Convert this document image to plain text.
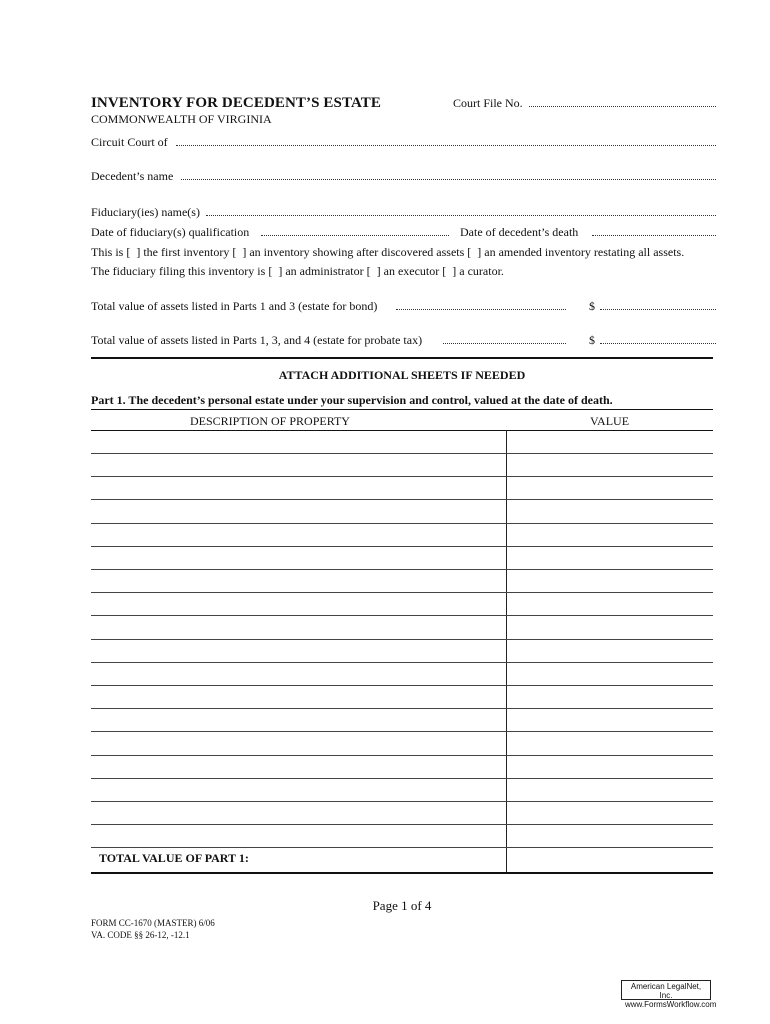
INVENTORY FOR DECEDENT’S ESTATE
COMMONWEALTH OF VIRGINIA
Court File No.
Circuit Court of
Decedent’s name
Fiduciary(ies) name(s)
Date of fiduciary(s) qualification	Date of decedent’s death
This is [ ] the first inventory [ ] an inventory showing after discovered assets [ ] an amended inventory restating all assets.
The fiduciary filing this inventory is [ ] an administrator [ ] an executor [ ] a curator.
Total value of assets listed in Parts 1 and 3 (estate for bond)	$
Total value of assets listed in Parts 1, 3, and 4 (estate for probate tax)	$
ATTACH ADDITIONAL SHEETS IF NEEDED
Part 1. The decedent’s personal estate under your supervision and control, valued at the date of death.
DESCRIPTION OF PROPERTY	VALUE
TOTAL VALUE OF PART 1:
Page 1 of 4
FORM CC-1670 (MASTER) 6/06
VA. CODE §§ 26-12, -12.1
American LegalNet, Inc.
www.FormsWorkflow.com
